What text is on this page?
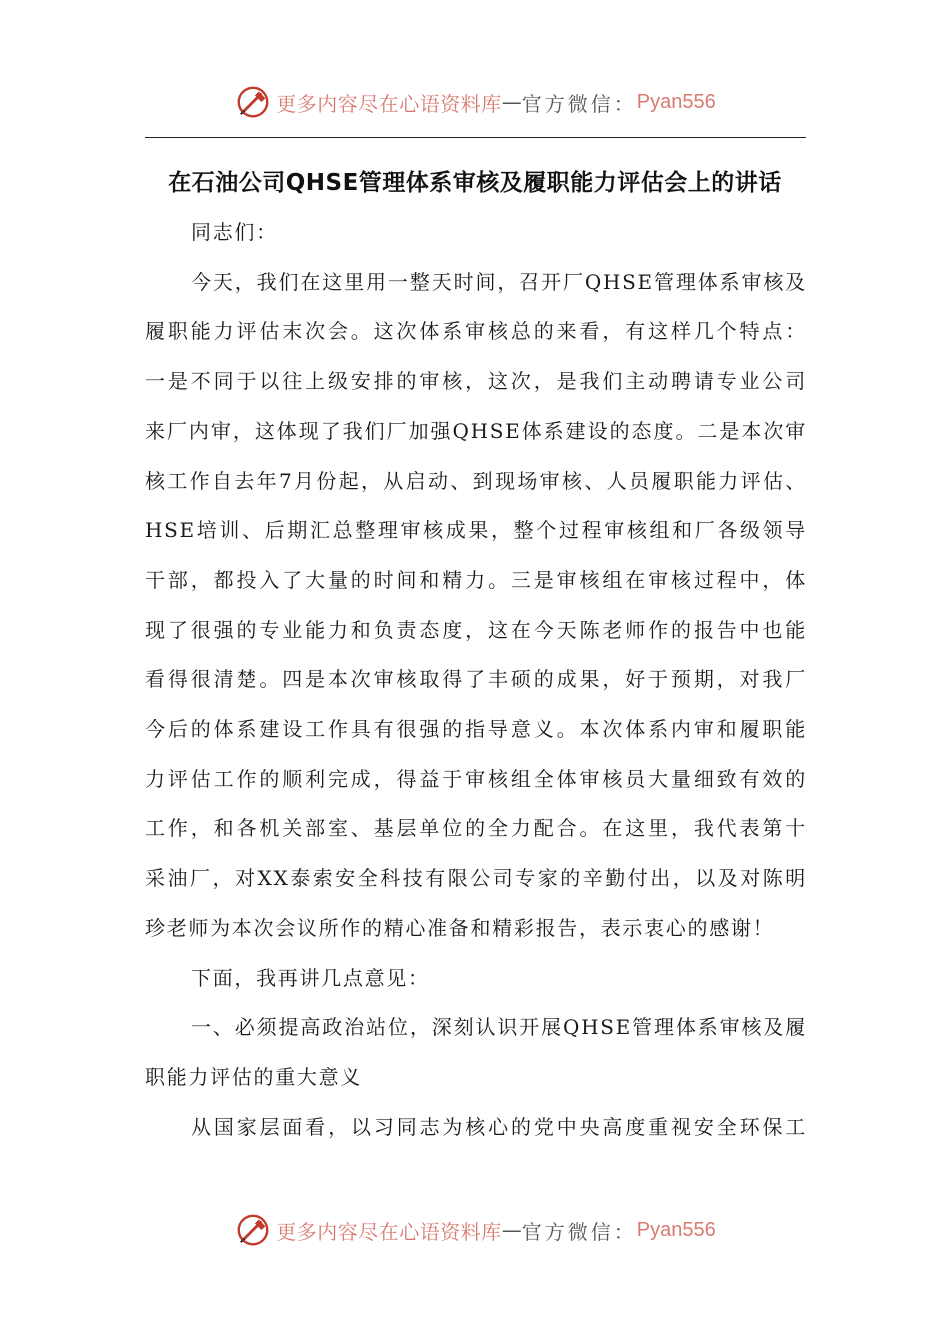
更多内容尽在心语资料库 — 官方微信： Pyan556
在石油公司QHSE管理体系审核及履职能力评估会上的讲话
同志们：
今天，我们在这里用一整天时间，召开厂QHSE管理体系审核及
履职能力评估末次会。这次体系审核总的来看，有这样几个特点：
一是不同于以往上级安排的审核，这次，是我们主动聘请专业公司
来厂内审，这体现了我们厂加强QHSE体系建设的态度。二是本次审
核工作自去年7月份起，从启动、到现场审核、人员履职能力评估、
HSE培训、后期汇总整理审核成果，整个过程审核组和厂各级领导
干部，都投入了大量的时间和精力。三是审核组在审核过程中，体
现了很强的专业能力和负责态度，这在今天陈老师作的报告中也能
看得很清楚。四是本次审核取得了丰硕的成果，好于预期，对我厂
今后的体系建设工作具有很强的指导意义。本次体系内审和履职能
力评估工作的顺利完成，得益于审核组全体审核员大量细致有效的
工作，和各机关部室、基层单位的全力配合。在这里，我代表第十
采油厂，对XX泰索安全科技有限公司专家的辛勤付出，以及对陈明
珍老师为本次会议所作的精心准备和精彩报告，表示衷心的感谢！
下面，我再讲几点意见：
一、必须提高政治站位，深刻认识开展QHSE管理体系审核及履
职能力评估的重大意义
从国家层面看，以习同志为核心的党中央高度重视安全环保工
更多内容尽在心语资料库 — 官方微信： Pyan556
